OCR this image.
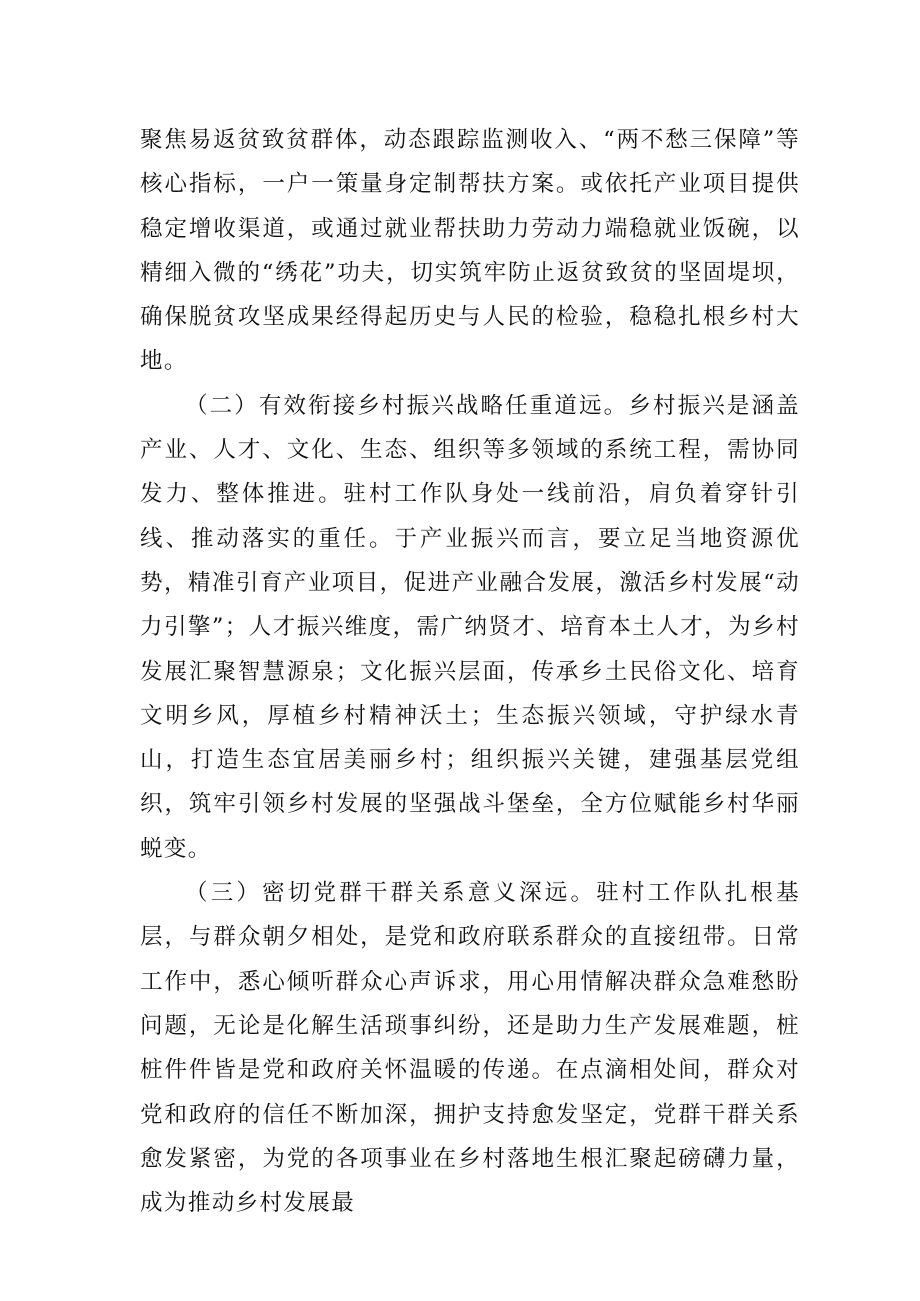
聚焦易返贫致贫群体，动态跟踪监测收入、“两不愁三保障”等核心指标，一户一策量身定制帮扶方案。或依托产业项目提供稳定增收渠道，或通过就业帮扶助力劳动力端稳就业饭碗，以精细入微的“绣花”功夫，切实筑牢防止返贫致贫的坚固堤坝，确保脱贫攻坚成果经得起历史与人民的检验，稳稳扎根乡村大地。

（二）有效衔接乡村振兴战略任重道远。乡村振兴是涵盖产业、人才、文化、生态、组织等多领域的系统工程，需协同发力、整体推进。驻村工作队身处一线前沿，肩负着穿针引线、推动落实的重任。于产业振兴而言，要立足当地资源优势，精准引育产业项目，促进产业融合发展，激活乡村发展“动力引擎”；人才振兴维度，需广纳贤才、培育本土人才，为乡村发展汇聚智慧源泉；文化振兴层面，传承乡土民俗文化、培育文明乡风，厚植乡村精神沃土；生态振兴领域，守护绿水青山，打造生态宜居美丽乡村；组织振兴关键，建强基层党组织，筑牢引领乡村发展的坚强战斗堡垒，全方位赋能乡村华丽蜕变。

（三）密切党群干群关系意义深远。驻村工作队扎根基层，与群众朝夕相处，是党和政府联系群众的直接纽带。日常工作中，悉心倾听群众心声诉求，用心用情解决群众急难愁盼问题，无论是化解生活琐事纠纷，还是助力生产发展难题，桩桩件件皆是党和政府关怀温暖的传递。在点滴相处间，群众对党和政府的信任不断加深，拥护支持愈发坚定，党群干群关系愈发紧密，为党的各项事业在乡村落地生根汇聚起磅礴力量，成为推动乡村发展最
